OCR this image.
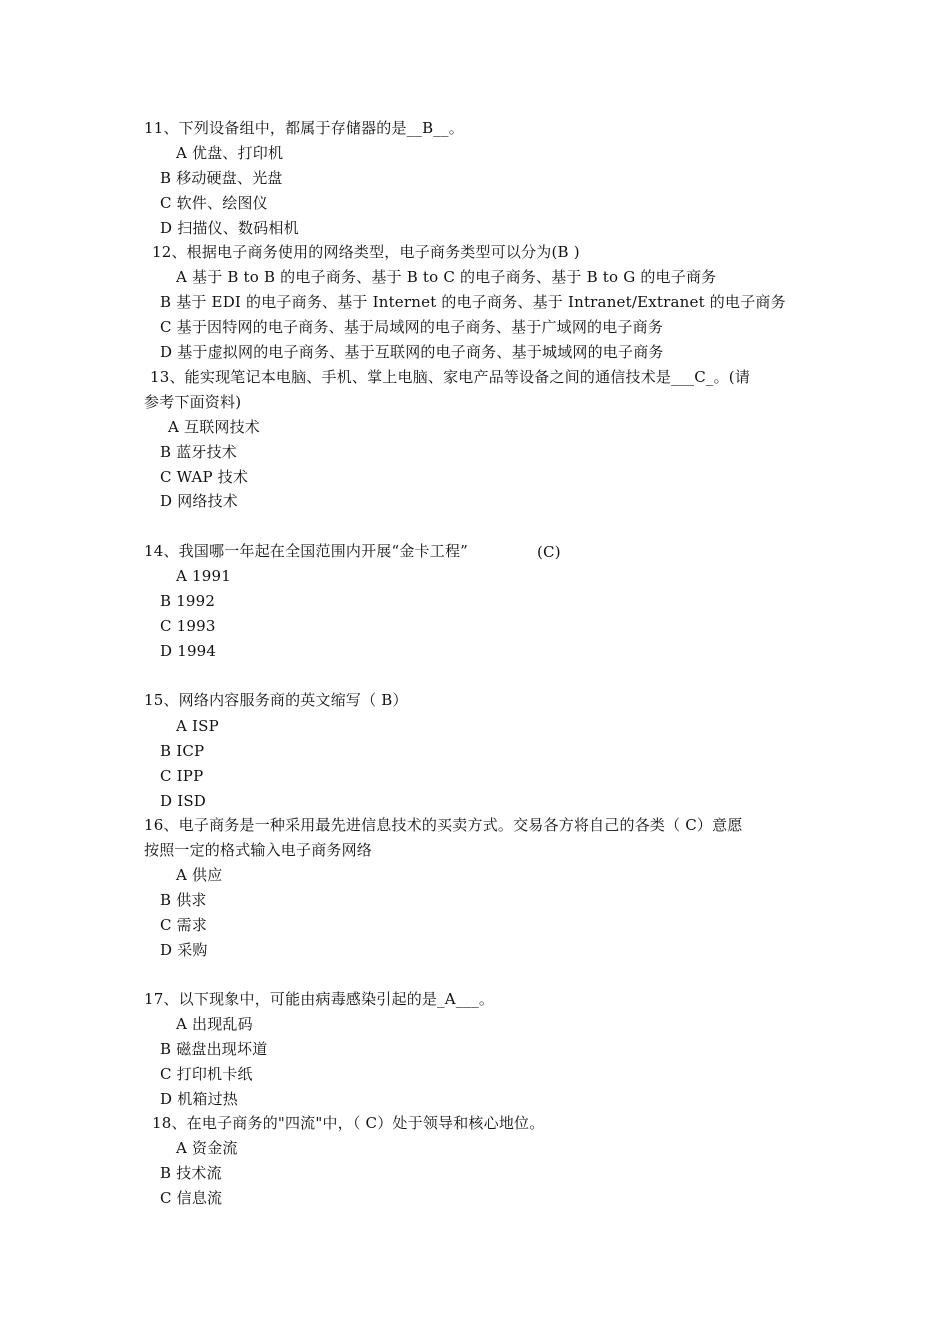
11、下列设备组中，都属于存储器的是__B__。
A 优盘、打印机
B 移动硬盘、光盘
C 软件、绘图仪
D 扫描仪、数码相机
12、根据电子商务使用的网络类型，电子商务类型可以分为(B )
A 基于 B to B 的电子商务、基于 B to C 的电子商务、基于 B to G 的电子商务
B 基于 EDI 的电子商务、基于 Internet 的电子商务、基于 Intranet/Extranet 的电子商务
C 基于因特网的电子商务、基于局域网的电子商务、基于广域网的电子商务
D 基于虚拟网的电子商务、基于互联网的电子商务、基于城域网的电子商务
13、能实现笔记本电脑、手机、掌上电脑、家电产品等设备之间的通信技术是___C_。(请
参考下面资料)
A 互联网技术
B 蓝牙技术
C WAP 技术
D 网络技术
14、我国哪一年起在全国范围内开展“金卡工程”	(C)
A 1991
B 1992
C 1993
D 1994
15、网络内容服务商的英文缩写（ B）
A ISP
B ICP
C IPP
D ISD
16、电子商务是一种采用最先进信息技术的买卖方式。交易各方将自己的各类（ C）意愿
按照一定的格式输入电子商务网络
A 供应
B 供求
C 需求
D 采购
17、以下现象中，可能由病毒感染引起的是_A___。
A 出现乱码
B 磁盘出现坏道
C 打印机卡纸
D 机箱过热
18、在电子商务的"四流"中，（ C）处于领导和核心地位。
A 资金流
B 技术流
C 信息流
